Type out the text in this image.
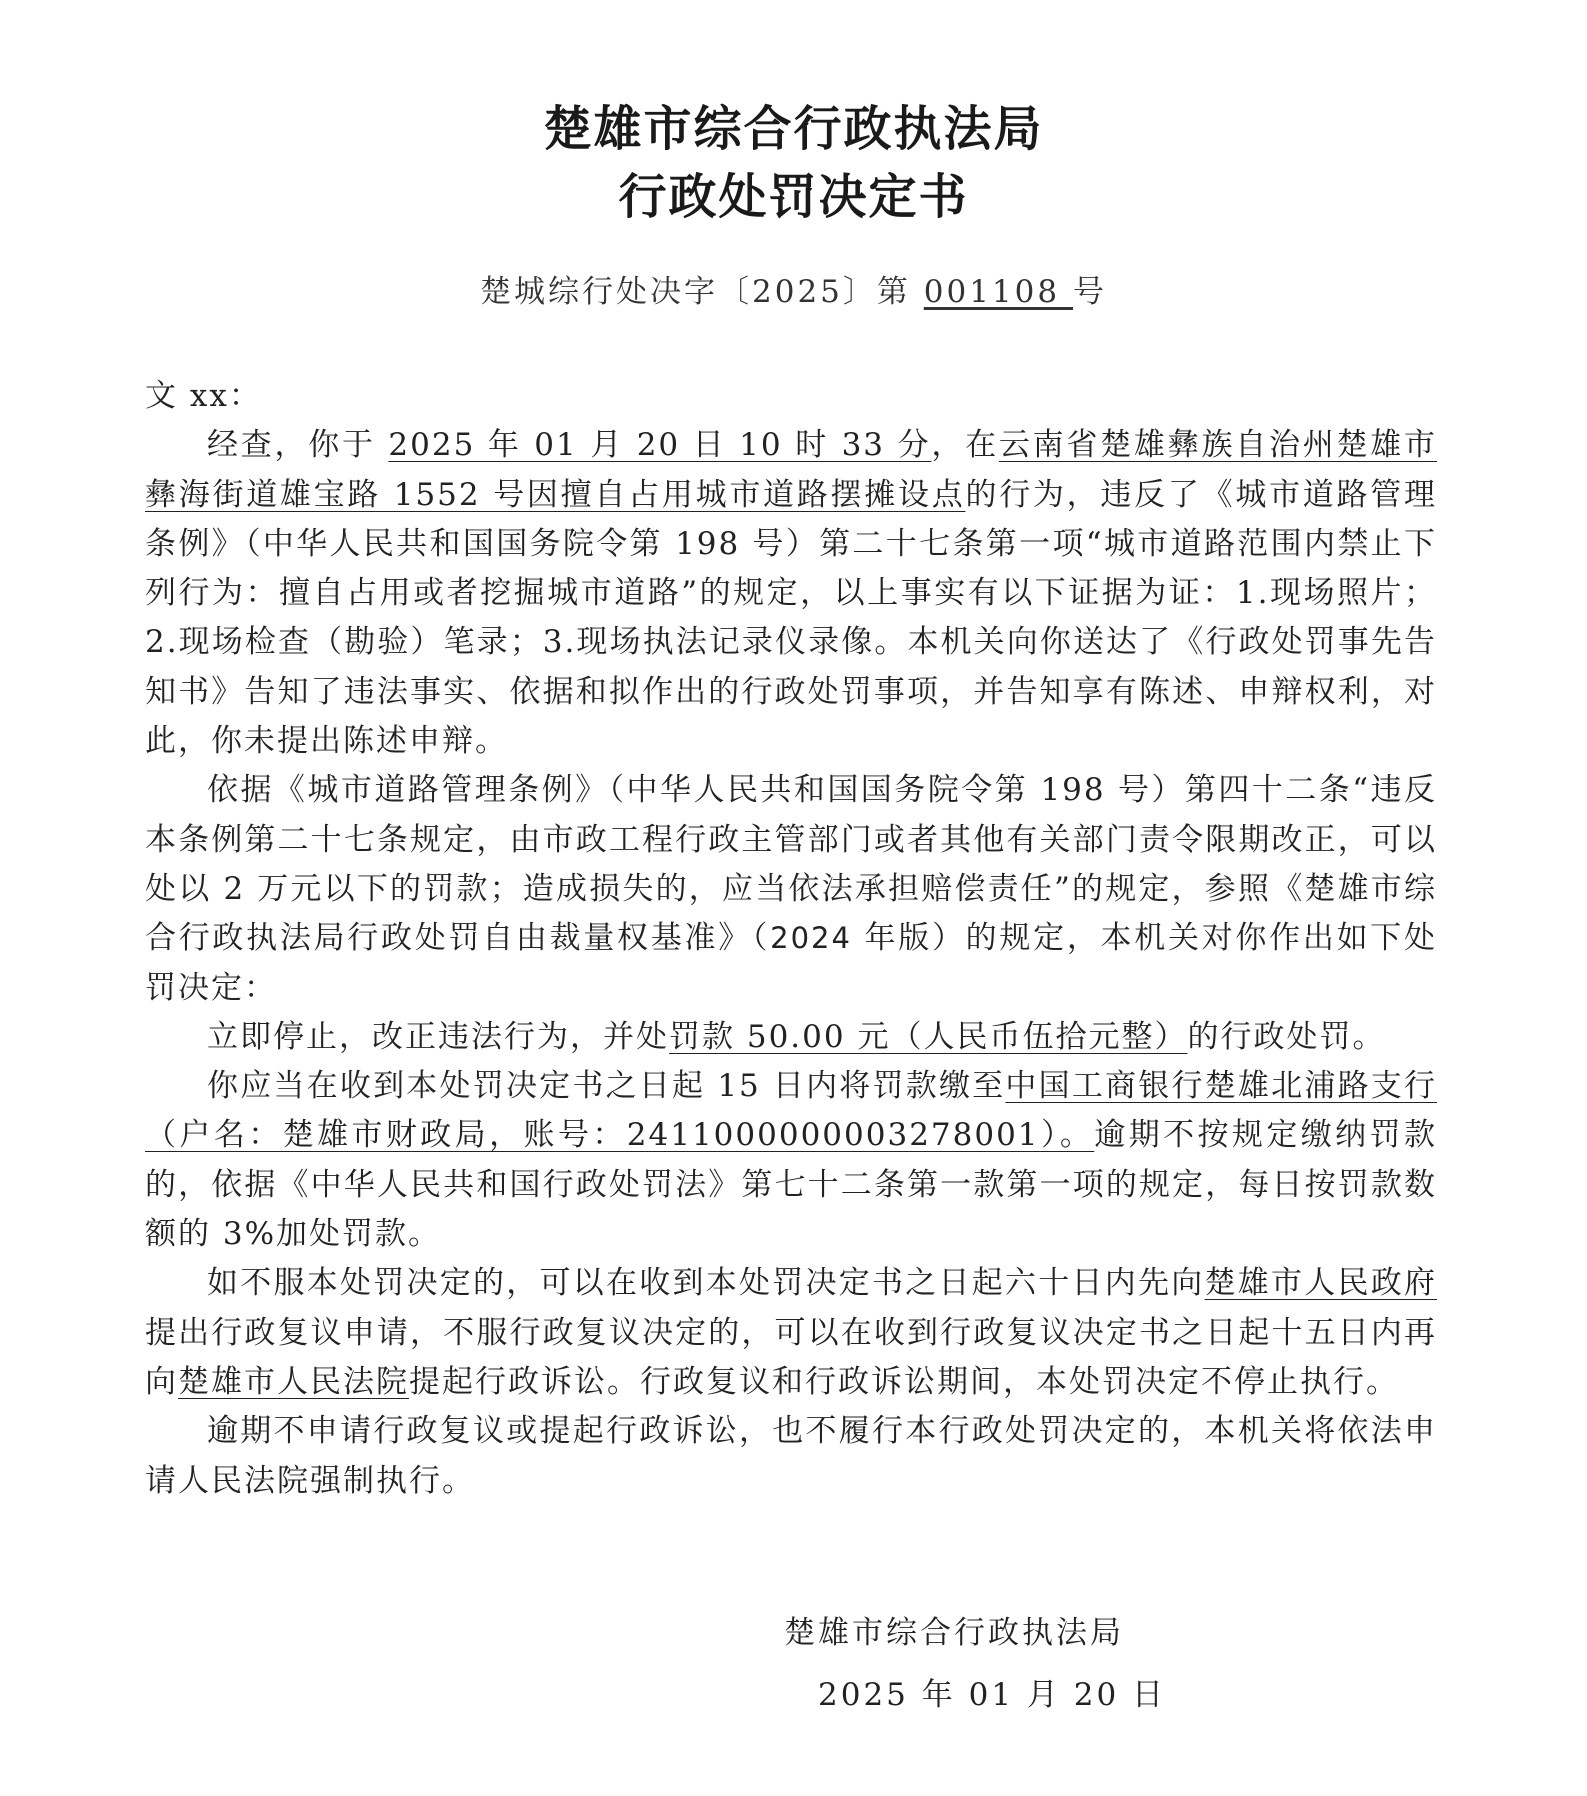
楚雄市综合行政执法局
行政处罚决定书
楚城综行处决字〔2025〕第 001108 号

文 xx：

经查，你于 2025 年 01 月 20 日 10 时 33 分，在云南省楚雄彝族自治州楚雄市彝海街道雄宝路 1552 号因擅自占用城市道路摆摊设点的行为，违反了《城市道路管理条例》（中华人民共和国国务院令第 198 号）第二十七条第一项“城市道路范围内禁止下列行为：擅自占用或者挖掘城市道路”的规定，以上事实有以下证据为证：1.现场照片；2.现场检查（勘验）笔录；3.现场执法记录仪录像。本机关向你送达了《行政处罚事先告知书》告知了违法事实、依据和拟作出的行政处罚事项，并告知享有陈述、申辩权利，对此，你未提出陈述申辩。

依据《城市道路管理条例》（中华人民共和国国务院令第 198 号）第四十二条“违反本条例第二十七条规定，由市政工程行政主管部门或者其他有关部门责令限期改正，可以处以 2 万元以下的罚款；造成损失的，应当依法承担赔偿责任”的规定，参照《楚雄市综合行政执法局行政处罚自由裁量权基准》（2024 年版）的规定，本机关对你作出如下处罚决定：

立即停止，改正违法行为，并处罚款 50.00 元（人民币伍拾元整）的行政处罚。

你应当在收到本处罚决定书之日起 15 日内将罚款缴至中国工商银行楚雄北浦路支行（户名：楚雄市财政局，账号：2411000000003278001）。逾期不按规定缴纳罚款的，依据《中华人民共和国行政处罚法》第七十二条第一款第一项的规定，每日按罚款数额的 3%加处罚款。

如不服本处罚决定的，可以在收到本处罚决定书之日起六十日内先向楚雄市人民政府提出行政复议申请，不服行政复议决定的，可以在收到行政复议决定书之日起十五日内再向楚雄市人民法院提起行政诉讼。行政复议和行政诉讼期间，本处罚决定不停止执行。

逾期不申请行政复议或提起行政诉讼，也不履行本行政处罚决定的，本机关将依法申请人民法院强制执行。

楚雄市综合行政执法局
2025 年 01 月 20 日
